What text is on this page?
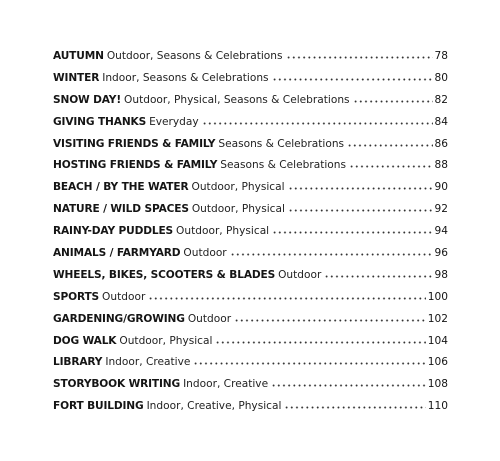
AUTUMN Outdoor, Seasons & Celebrations	78
WINTER Indoor, Seasons & Celebrations	80
SNOW DAY! Outdoor, Physical, Seasons & Celebrations	82
GIVING THANKS Everyday	84
VISITING FRIENDS & FAMILY Seasons & Celebrations	86
HOSTING FRIENDS & FAMILY Seasons & Celebrations	88
BEACH / BY THE WATER Outdoor, Physical	90
NATURE / WILD SPACES Outdoor, Physical	92
RAINY-DAY PUDDLES Outdoor, Physical	94
ANIMALS / FARMYARD Outdoor	96
WHEELS, BIKES, SCOOTERS & BLADES Outdoor	98
SPORTS Outdoor	100
GARDENING/GROWING Outdoor	102
DOG WALK Outdoor, Physical	104
LIBRARY Indoor, Creative	106
STORYBOOK WRITING Indoor, Creative	108
FORT BUILDING Indoor, Creative, Physical	110
